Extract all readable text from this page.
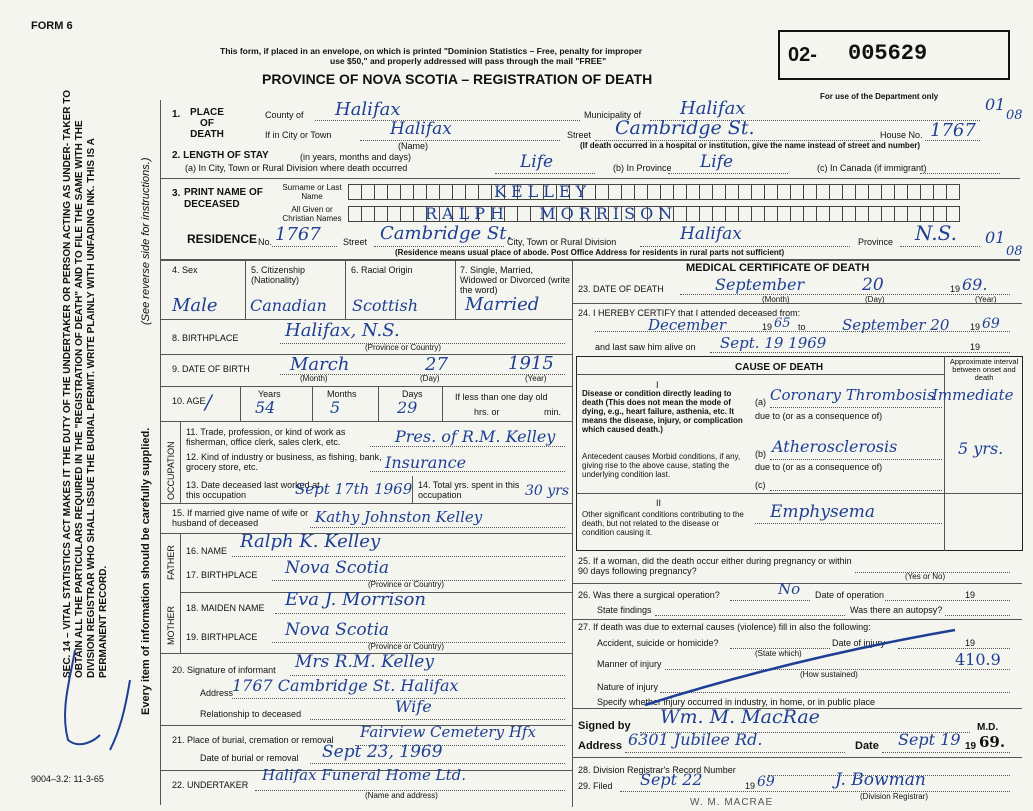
FORM 6
SEC. 14 – VITAL STATISTICS ACT MAKES IT THE DUTY OF THE UNDERTAKER OR PERSON ACTING AS UNDER- TAKER TO OBTAIN ALL THE PARTICULARS REQUIRED IN THE "REGISTRATION OF DEATH" AND TO FILE THE SAME WITH THE DIVISION REGISTRAR WHO SHALL ISSUE THE BURIAL PERMIT. WRITE PLAINLY WITH UNFADING INK. THIS IS A PERMANENT RECORD.
(See reverse side for instructions.)
Every item of information should be carefully supplied.
9004–3.2: 11-3-65
This form, if placed in an envelope, on which is printed "Dominion Statistics – Free, penalty for improper
use $50," and properly addressed will pass through the mail "FREE"
PROVINCE OF NOVA SCOTIA – REGISTRATION OF DEATH
02- 005629
For use of the Department only	01
08
01
08
1. PLACE OF DEATH
County of Halifax	Municipality of Halifax
If in City or Town	Halifax
(Name)
Street Cambridge St.	House No. 1767
(If death occurred in a hospital or institution, give the name instead of street and number)
2. LENGTH OF STAY	(in years, months and days)
(a) In City, Town or Rural Division where death occurred	Life	(b) In Province Life	(c) In Canada (if immigrant)
3. PRINT NAME OF DECEASED
Surname or Last Name
All Given or Christian Names
KELLEY
RALPH   MORRISON
RESIDENCE No. 1767 Street Cambridge St.
City, Town or Rural Division	Halifax	Province N.S.
(Residence means usual place of abode. Post Office Address for residents in rural parts not sufficient)
4. Sex
Male
5. Citizenship (Nationality)
Canadian
6. Racial Origin
Scottish
7. Single, Married, Widowed or Divorced (write the word)
Married
8. BIRTHPLACE	Halifax, N.S.
(Province or Country)
9. DATE OF BIRTH March	27	1915
(Month)	(Day)	(Year)
10. AGE
Years	Months	Days
54	5	29
/	If less than one day old
hrs. or	min.
OCCUPATION
11. Trade, profession, or kind of work as fisherman, office clerk, sales clerk, etc.	Pres. of R.M. Kelley
12. Kind of industry or business, as fishing, bank, grocery store, etc.	Insurance
13. Date deceased last worked at this occupation	Sept 17th 1969 14. Total yrs. spent in this occupation	30 yrs
15. If married give name of wife or husband of deceased	Kathy Johnston Kelley
FATHER 16. NAME Ralph K. Kelley
17. BIRTHPLACE Nova Scotia
(Province or Country)
MOTHER 18. MAIDEN NAME Eva J. Morrison
19. BIRTHPLACE Nova Scotia
(Province or Country)
20. Signature of informant Mrs R.M. Kelley
Address
1767 Cambridge St. Halifax
Relationship to deceased	Wife
21. Place of burial, cremation or removal Fairview Cemetery Hfx
Date of burial or removal Sept 23, 1969
22. UNDERTAKER
Halifax Funeral Home Ltd.
(Name and address)
MEDICAL CERTIFICATE OF DEATH
23. DATE OF DEATH	September	20	19 69.
(Month)	(Day)	(Year)
24. I HEREBY CERTIFY that I attended deceased from:
December	19 65 to September 20 19 69
and last saw him alive on Sept. 19 1969	19
CAUSE OF DEATH
Approximate interval between onset and death
I
Disease or condition directly leading to death (This does not mean the mode of dying, e.g., heart failure, asthenia, etc. It means the disease, injury, or complication which caused death.)
(a) Coronary Thrombosis
Immediate
due to (or as a consequence of)
Antecedent causes Morbid conditions, if any, giving rise to the above cause, stating the underlying condition last.
(b) Atherosclerosis	5 yrs.
due to (or as a consequence of)
(c)
II
Other significant conditions contributing to the death, but not related to the disease or condition causing it.
Emphysema
25. If a woman, did the death occur either during pregnancy or within 90 days following pregnancy?
(Yes or No)
26. Was there a surgical operation?	No Date of operation	19
State findings	Was there an autopsy?
27. If death was due to external causes (violence) fill in also the following:
Accident, suicide or homicide?	Date of injury	19
(State which)
Manner of injury	410.9
(How sustained)
Nature of injury
Specify whether injury occurred in industry, in home, or in public place
Signed by Wm. M. MacRae	M.D.
Address 6301 Jubilee Rd.	Date Sept 19 19 69.
28. Division Registrar's Record Number
29. Filed Sept 22	19 69	J. Bowman
(Division Registrar)
W. M. MACRAE
